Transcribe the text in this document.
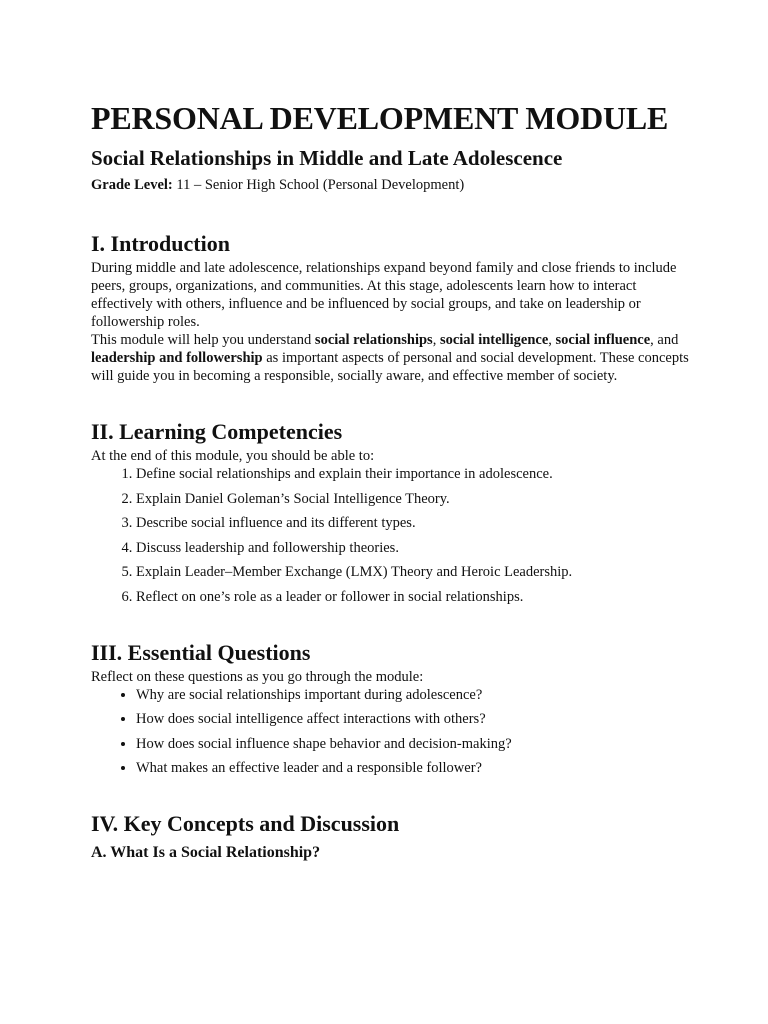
PERSONAL DEVELOPMENT MODULE
Social Relationships in Middle and Late Adolescence

Grade Level: 11 – Senior High School (Personal Development)

I. Introduction

During middle and late adolescence, relationships expand beyond family and close friends to include peers, groups, organizations, and communities. At this stage, adolescents learn how to interact effectively with others, influence and be influenced by social groups, and take on leadership or followership roles.

This module will help you understand social relationships, social intelligence, social influence, and leadership and followership as important aspects of personal and social development. These concepts will guide you in becoming a responsible, socially aware, and effective member of society.

II. Learning Competencies

At the end of this module, you should be able to:

1. Define social relationships and explain their importance in adolescence.
2. Explain Daniel Goleman’s Social Intelligence Theory.
3. Describe social influence and its different types.
4. Discuss leadership and followership theories.
5. Explain Leader–Member Exchange (LMX) Theory and Heroic Leadership.
6. Reflect on one’s role as a leader or follower in social relationships.
III. Essential Questions

Reflect on these questions as you go through the module:

• Why are social relationships important during adolescence?
• How does social intelligence affect interactions with others?
• How does social influence shape behavior and decision-making?
• What makes an effective leader and a responsible follower?
IV. Key Concepts and Discussion
A. What Is a Social Relationship?
